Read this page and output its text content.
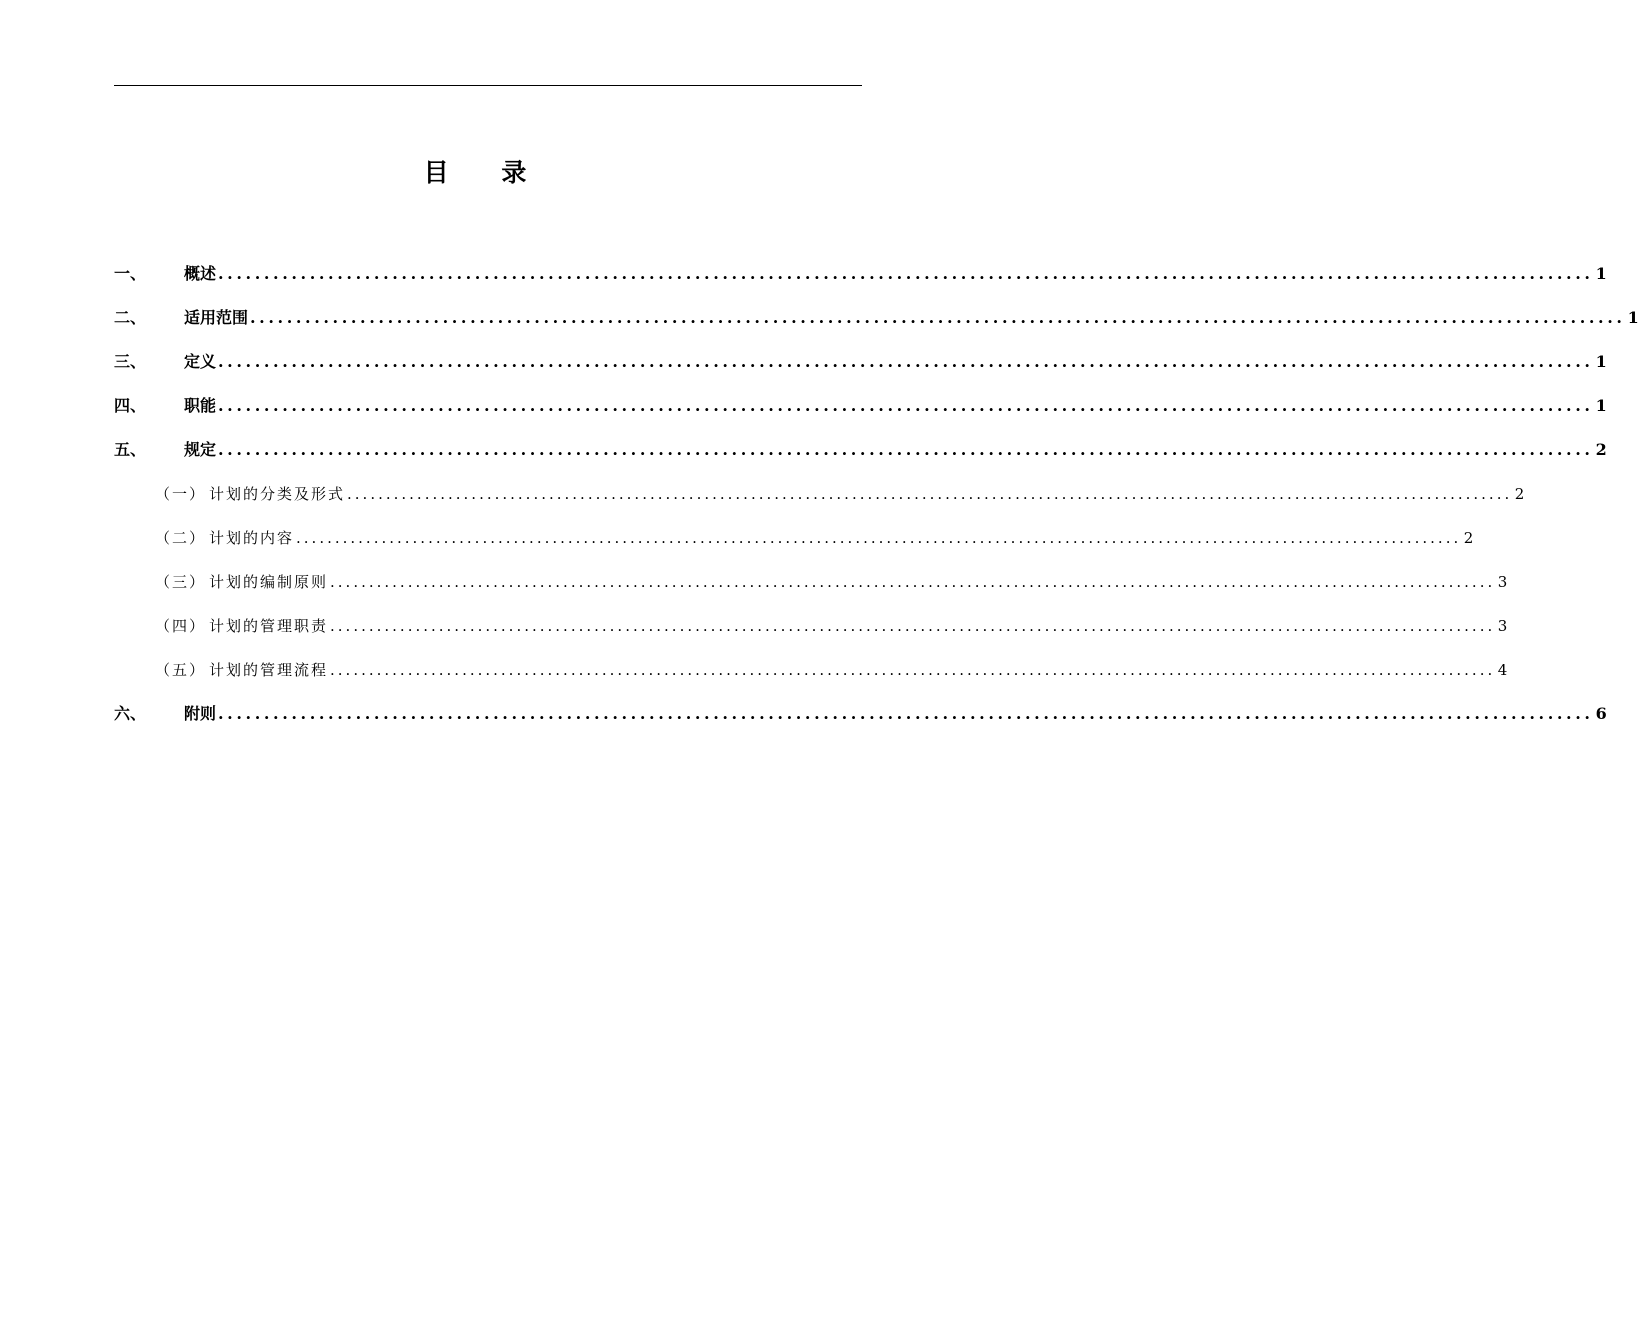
目 录
一、	概述 ...................................................................................................................................................... 1
二、	适用范围 ...................................................................................................................................................... 1
三、	定义 ...................................................................................................................................................... 1
四、	职能 ...................................................................................................................................................... 1
五、	规定 ...................................................................................................................................................... 2
（一） 计划的分类及形式 ...................................................................................................................................................... 2
（二） 计划的内容 ...................................................................................................................................................... 2
（三） 计划的编制原则 ...................................................................................................................................................... 3
（四） 计划的管理职责 ...................................................................................................................................................... 3
（五） 计划的管理流程 ...................................................................................................................................................... 4
六、	附则 ...................................................................................................................................................... 6
